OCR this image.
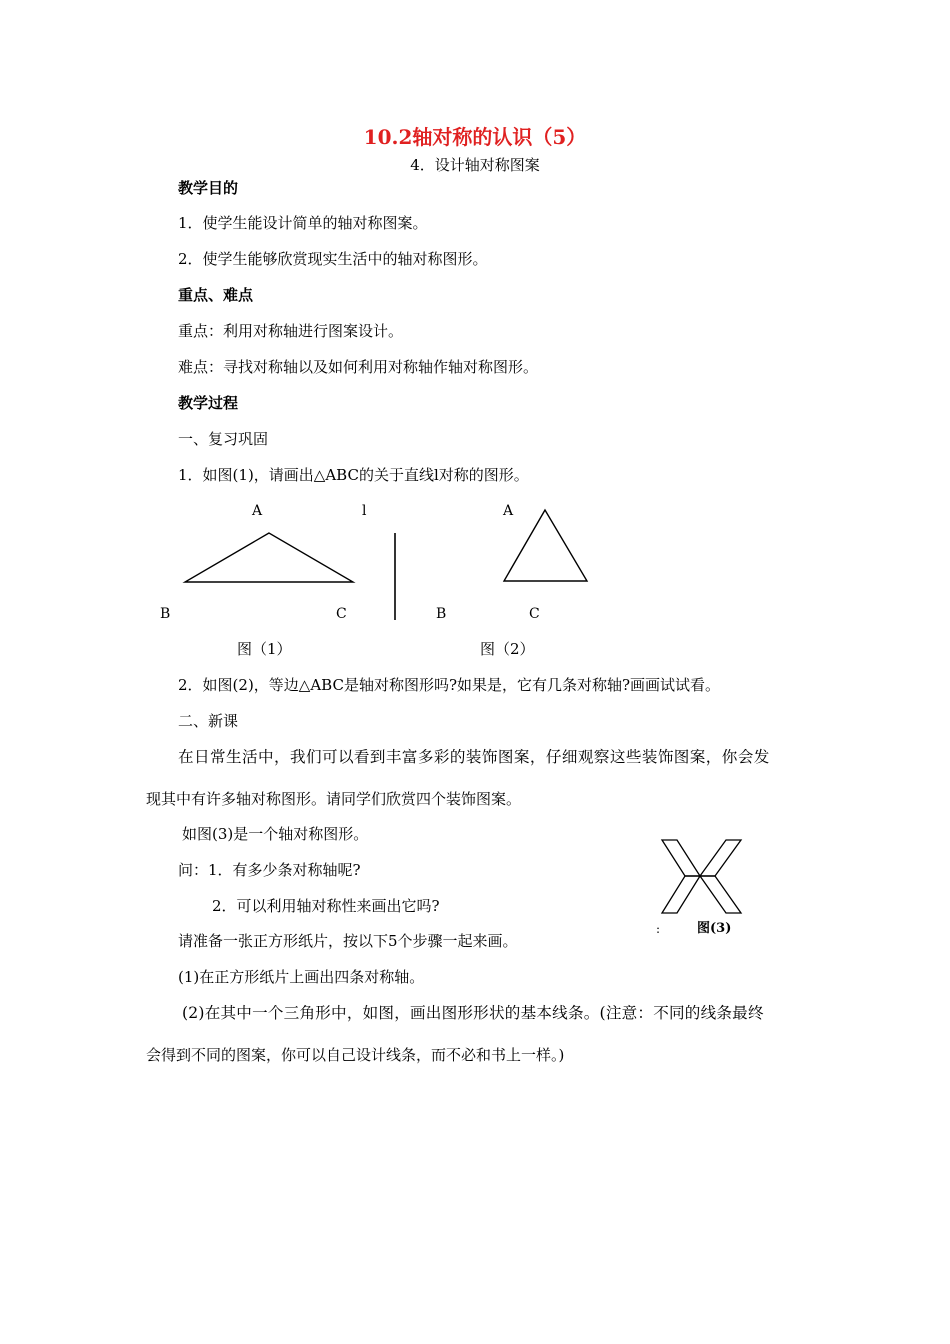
10.2轴对称的认识（5）
4．设计轴对称图案
教学目的
1．使学生能设计简单的轴对称图案。
2．使学生能够欣赏现实生活中的轴对称图形。
重点、难点
重点：利用对称轴进行图案设计。
难点：寻找对称轴以及如何利用对称轴作轴对称图形。
教学过程
一、复习巩固
1．如图(1)，请画出△ABC的关于直线l对称的图形。
A	l
B	C
图（1）
A
B	C
图（2）
2．如图(2)，等边△ABC是轴对称图形吗?如果是，它有几条对称轴?画画试试看。
二、新课
在日常生活中，我们可以看到丰富多彩的装饰图案，仔细观察这些装饰图案，你会发
现其中有许多轴对称图形。请同学们欣赏四个装饰图案。
如图(3)是一个轴对称图形。
问：1．有多少条对称轴呢?
2．可以利用轴对称性来画出它吗?
请准备一张正方形纸片，按以下5个步骤一起来画。
(1)在正方形纸片上画出四条对称轴。
(2)在其中一个三角形中，如图，画出图形形状的基本线条。(注意：不同的线条最终
会得到不同的图案，你可以自己设计线条，而不必和书上一样。)
:	图(3)
